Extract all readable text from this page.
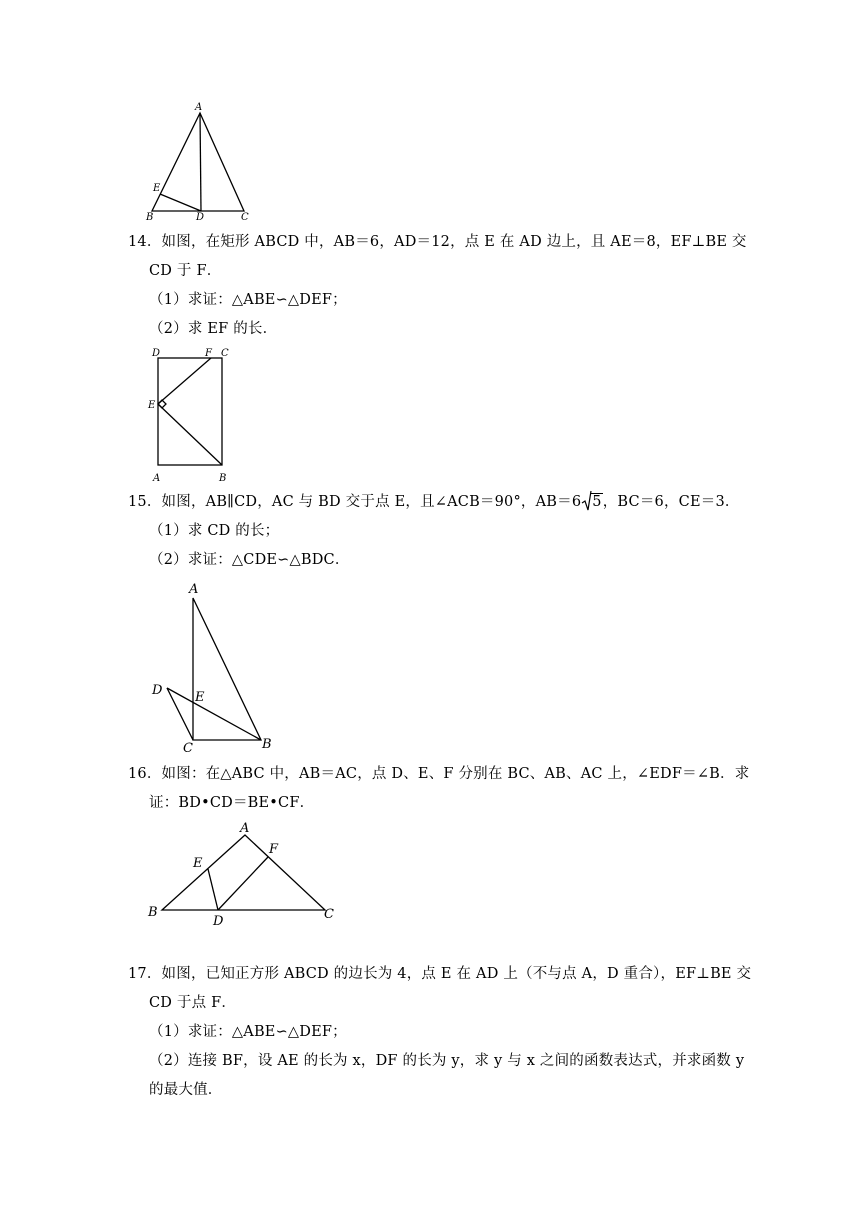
A
E
B	D	C
14．如图，在矩形 ABCD 中，AB＝6，AD＝12，点 E 在 AD 边上，且 AE＝8，EF⊥BE 交
CD 于 F．
（1）求证：△ABE∽△DEF；
（2）求 EF 的长．
D	F C
E
A	B
15．如图，AB∥CD，AC 与 BD 交于点 E，且∠ACB＝90°，AB＝6 5，BC＝6，CE＝3．
（1）求 CD 的长；
（2）求证：△CDE∽△BDC．
A
D	E
C	B
16．如图：在△ABC 中，AB＝AC，点 D、E、F 分别在 BC、AB、AC 上，∠EDF＝∠B．求
证：BD•CD＝BE•CF．
A
F
E
B
D	C
17．如图，已知正方形 ABCD 的边长为 4，点 E 在 AD 上（不与点 A，D 重合），EF⊥BE 交
CD 于点 F．
（1）求证：△ABE∽△DEF；
（2）连接 BF，设 AE 的长为 x，DF 的长为 y，求 y 与 x 之间的函数表达式，并求函数 y
的最大值．
